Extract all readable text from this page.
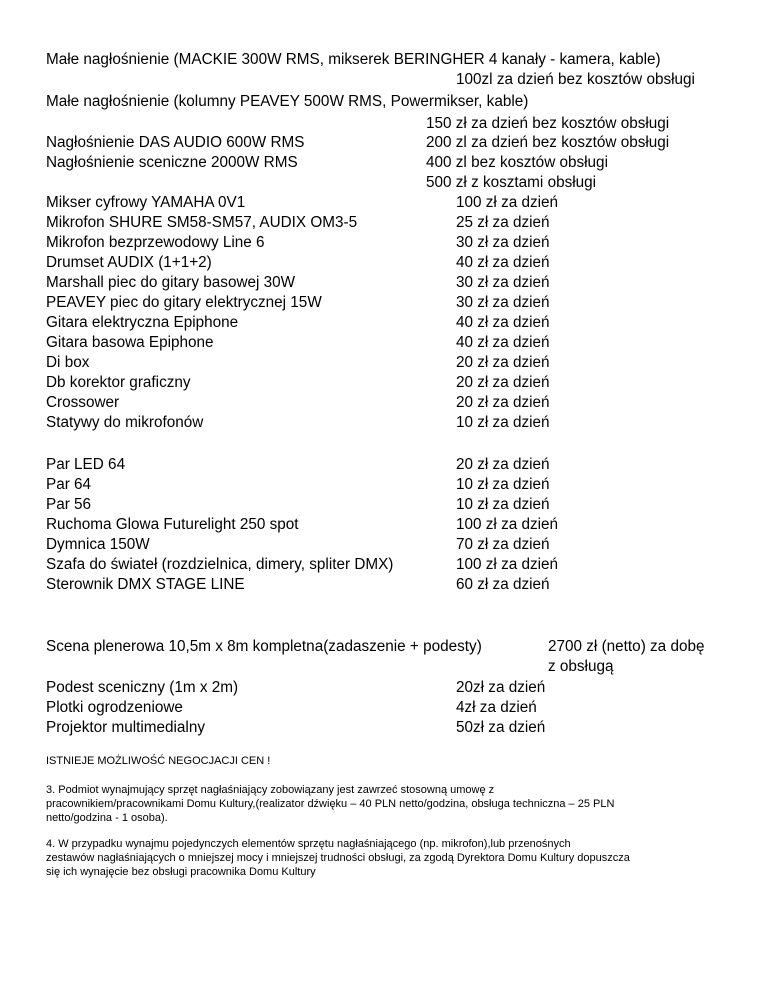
Małe nagłośnienie (MACKIE 300W RMS, mikserek BERINGHER 4 kanały - kamera, kable)
100zl za dzień bez kosztów obsługi
Małe nagłośnienie (kolumny PEAVEY 500W RMS, Powermikser, kable)
150 zł za dzień bez kosztów obsługi
Nagłośnienie DAS AUDIO 600W RMS	200 zl za dzień bez kosztów obsługi
Nagłośnienie sceniczne 2000W RMS	400 zl bez kosztów obsługi
500 zł z kosztami obsługi
Mikser cyfrowy YAMAHA 0V1	100 zł za dzień
Mikrofon SHURE SM58-SM57, AUDIX OM3-5	25 zł za dzień
Mikrofon bezprzewodowy Line 6	30 zł za dzień
Drumset AUDIX (1+1+2)	40 zł za dzień
Marshall piec do gitary basowej 30W	30 zł za dzień
PEAVEY piec do gitary elektrycznej 15W	30 zł za dzień
Gitara elektryczna Epiphone	40 zł za dzień
Gitara basowa Epiphone	40 zł za dzień
Di box	20 zł za dzień
Db korektor graficzny	20 zł za dzień
Crossower	20 zł za dzień
Statywy do mikrofonów	10 zł za dzień
Par LED 64	20 zł za dzień
Par 64	10 zł za dzień
Par 56	10 zł za dzień
Ruchoma Glowa Futurelight 250 spot	100 zł za dzień
Dymnica 150W	70 zł za dzień
Szafa do świateł (rozdzielnica, dimery, spliter DMX)	100 zł za dzień
Sterownik DMX STAGE LINE	60 zł za dzień
Scena plenerowa 10,5m x 8m kompletna(zadaszenie + podesty)	2700 zł (netto) za dobę
z obsługą
Podest sceniczny (1m x 2m)	20zł za dzień
Plotki ogrodzeniowe	4zł za dzień
Projektor multimedialny	50zł za dzień
ISTNIEJE MOŻLIWOŚĆ NEGOCJACJI CEN !
3. Podmiot wynajmujący sprzęt nagłaśniający zobowiązany jest zawrzeć stosowną umowę z
pracownikiem/pracownikami Domu Kultury,(realizator dźwięku – 40 PLN netto/godzina, obsługa techniczna – 25 PLN
netto/godzina - 1 osoba).
4. W przypadku wynajmu pojedynczych elementów sprzętu nagłaśniającego (np. mikrofon),lub przenośnych
zestawów nagłaśniających o mniejszej mocy i mniejszej trudności obsługi, za zgodą Dyrektora Domu Kultury dopuszcza
się ich wynajęcie bez obsługi pracownika Domu Kultury
